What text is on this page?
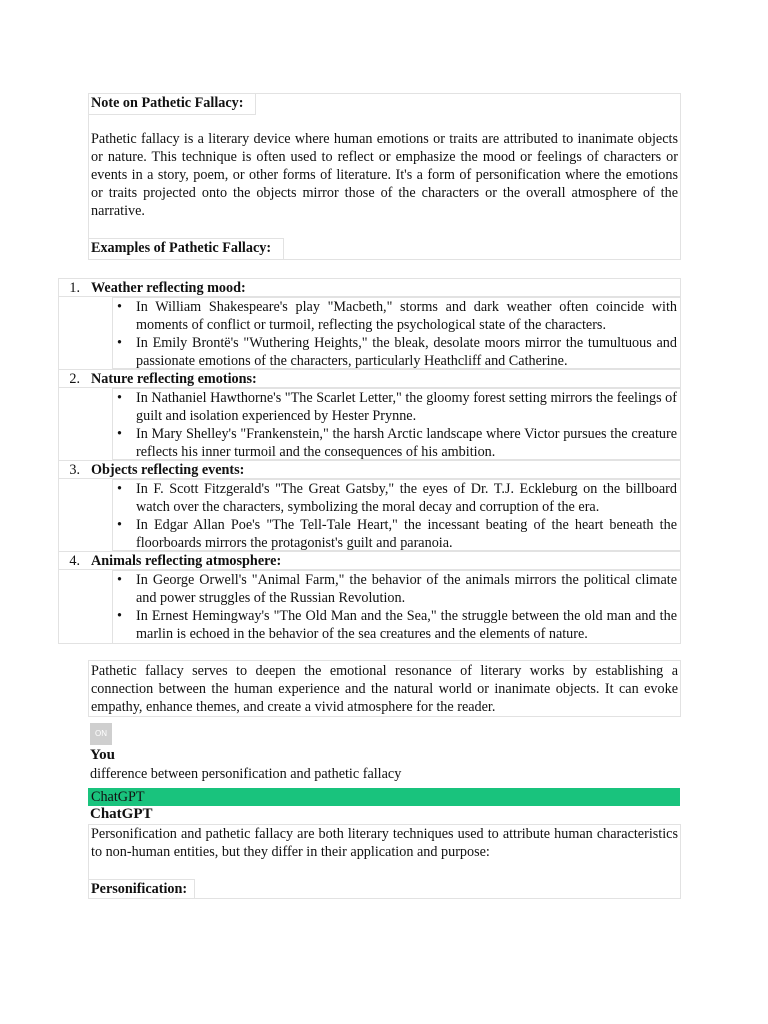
Note on Pathetic Fallacy:
Pathetic fallacy is a literary device where human emotions or traits are attributed to inanimate objects or nature. This technique is often used to reflect or emphasize the mood or feelings of characters or events in a story, poem, or other forms of literature. It's a form of personification where the emotions or traits projected onto the objects mirror those of the characters or the overall atmosphere of the narrative.
Examples of Pathetic Fallacy:
1. Weather reflecting mood:
• In William Shakespeare's play "Macbeth," storms and dark weather often coincide with moments of conflict or turmoil, reflecting the psychological state of the characters.
• In Emily Brontë's "Wuthering Heights," the bleak, desolate moors mirror the tumultuous and passionate emotions of the characters, particularly Heathcliff and Catherine.
2. Nature reflecting emotions:
• In Nathaniel Hawthorne's "The Scarlet Letter," the gloomy forest setting mirrors the feelings of guilt and isolation experienced by Hester Prynne.
• In Mary Shelley's "Frankenstein," the harsh Arctic landscape where Victor pursues the creature reflects his inner turmoil and the consequences of his ambition.
3. Objects reflecting events:
• In F. Scott Fitzgerald's "The Great Gatsby," the eyes of Dr. T.J. Eckleburg on the billboard watch over the characters, symbolizing the moral decay and corruption of the era.
• In Edgar Allan Poe's "The Tell-Tale Heart," the incessant beating of the heart beneath the floorboards mirrors the protagonist's guilt and paranoia.
4. Animals reflecting atmosphere:
• In George Orwell's "Animal Farm," the behavior of the animals mirrors the political climate and power struggles of the Russian Revolution.
• In Ernest Hemingway's "The Old Man and the Sea," the struggle between the old man and the marlin is echoed in the behavior of the sea creatures and the elements of nature.
Pathetic fallacy serves to deepen the emotional resonance of literary works by establishing a connection between the human experience and the natural world or inanimate objects. It can evoke empathy, enhance themes, and create a vivid atmosphere for the reader.
ON
You
difference between personification and pathetic fallacy
ChatGPT
ChatGPT
Personification and pathetic fallacy are both literary techniques used to attribute human characteristics to non-human entities, but they differ in their application and purpose:
Personification:
